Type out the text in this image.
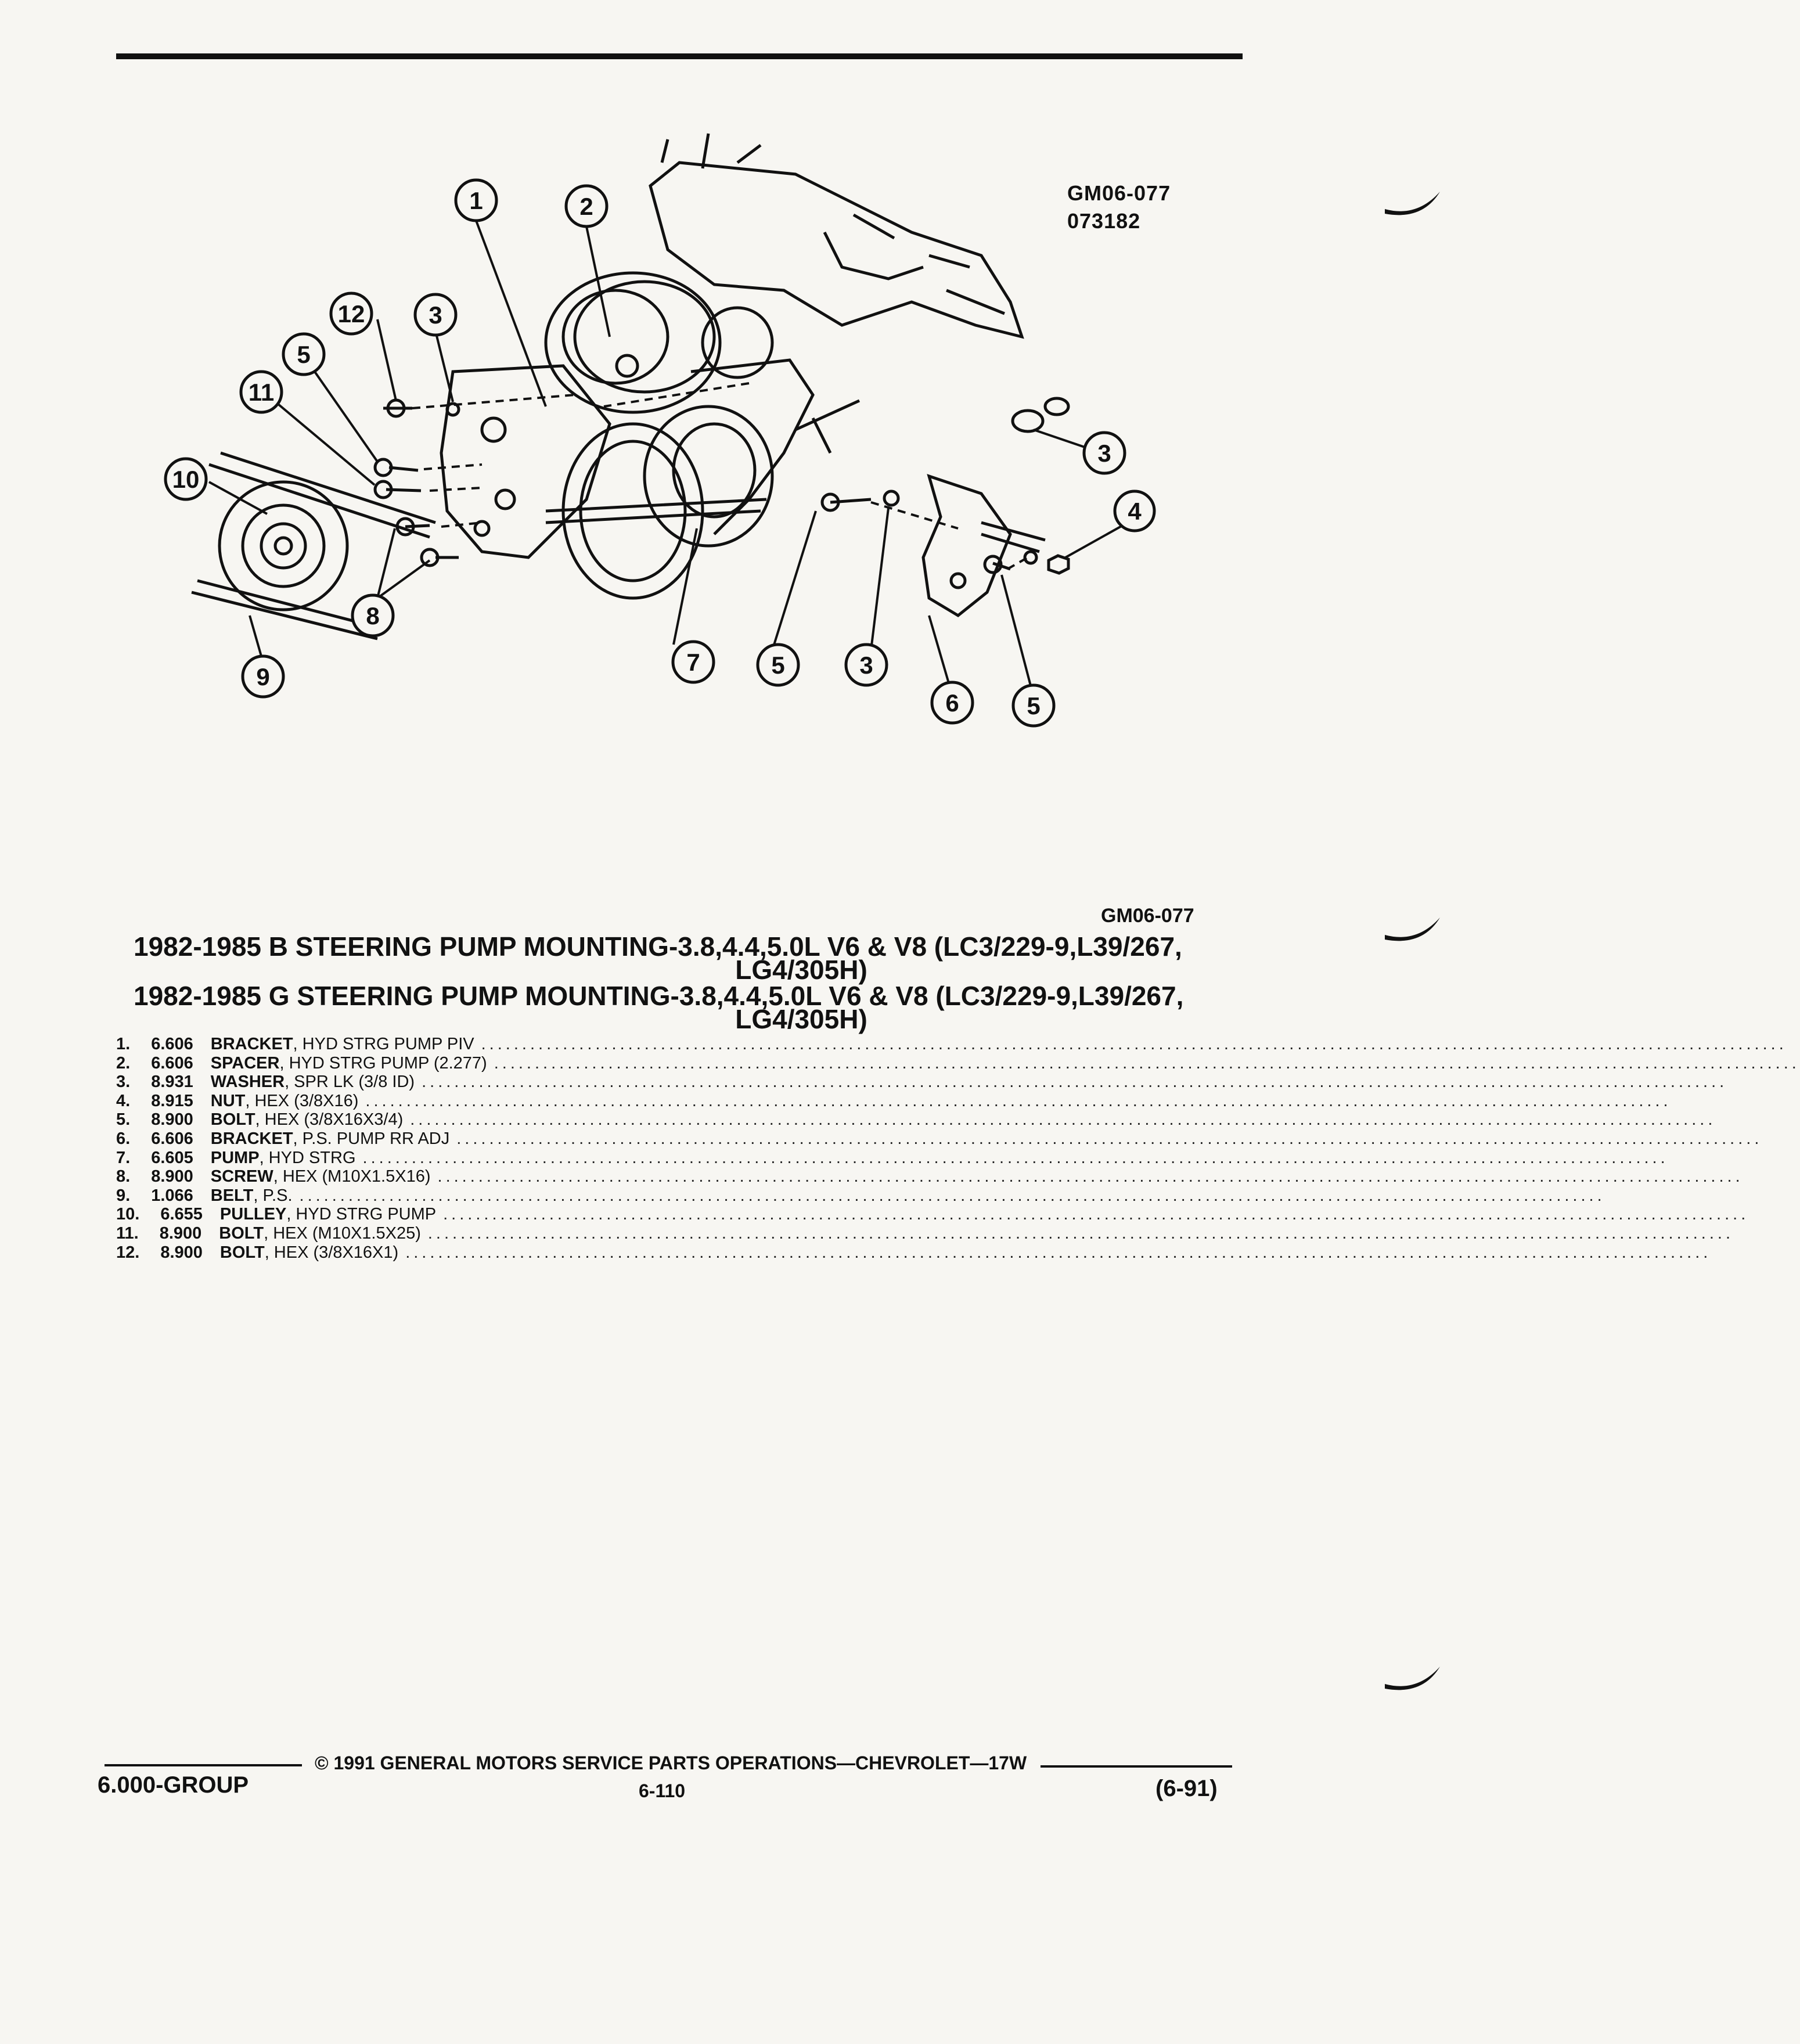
GM06-077
073182
1	2
12	3
5
11
10
8
9
7	5	3
3
4
6	5
GM06-077
1982-1985 B STEERING PUMP MOUNTING-3.8,4.4,5.0L V6 & V8 (LC3/229-9,L39/267,
LG4/305H)
1982-1985 G STEERING PUMP MOUNTING-3.8,4.4,5.0L V6 & V8 (LC3/229-9,L39/267,
LG4/305H)
1.	6.606	BRACKET, HYD STRG PUMP PIV ................................................................................................................................................................
2.	6.606	SPACER, HYD STRG PUMP (2.277) ................................................................................................................................................................
3.	8.931	WASHER, SPR LK (3/8 ID) ................................................................................................................................................................
4.	8.915	NUT, HEX (3/8X16) ................................................................................................................................................................
5.	8.900	BOLT, HEX (3/8X16X3/4) ................................................................................................................................................................
6.	6.606	BRACKET, P.S. PUMP RR ADJ ................................................................................................................................................................
7.	6.605	PUMP, HYD STRG ................................................................................................................................................................
8.	8.900	SCREW, HEX (M10X1.5X16) ................................................................................................................................................................
9.	1.066	BELT, P.S. ................................................................................................................................................................
10.	6.655	PULLEY, HYD STRG PUMP ................................................................................................................................................................
11.	8.900	BOLT, HEX (M10X1.5X25) ................................................................................................................................................................
12.	8.900	BOLT, HEX (3/8X16X1) ................................................................................................................................................................
© 1991 GENERAL MOTORS SERVICE PARTS OPERATIONS—CHEVROLET—17W
6.000-GROUP	6-110	(6-91)
